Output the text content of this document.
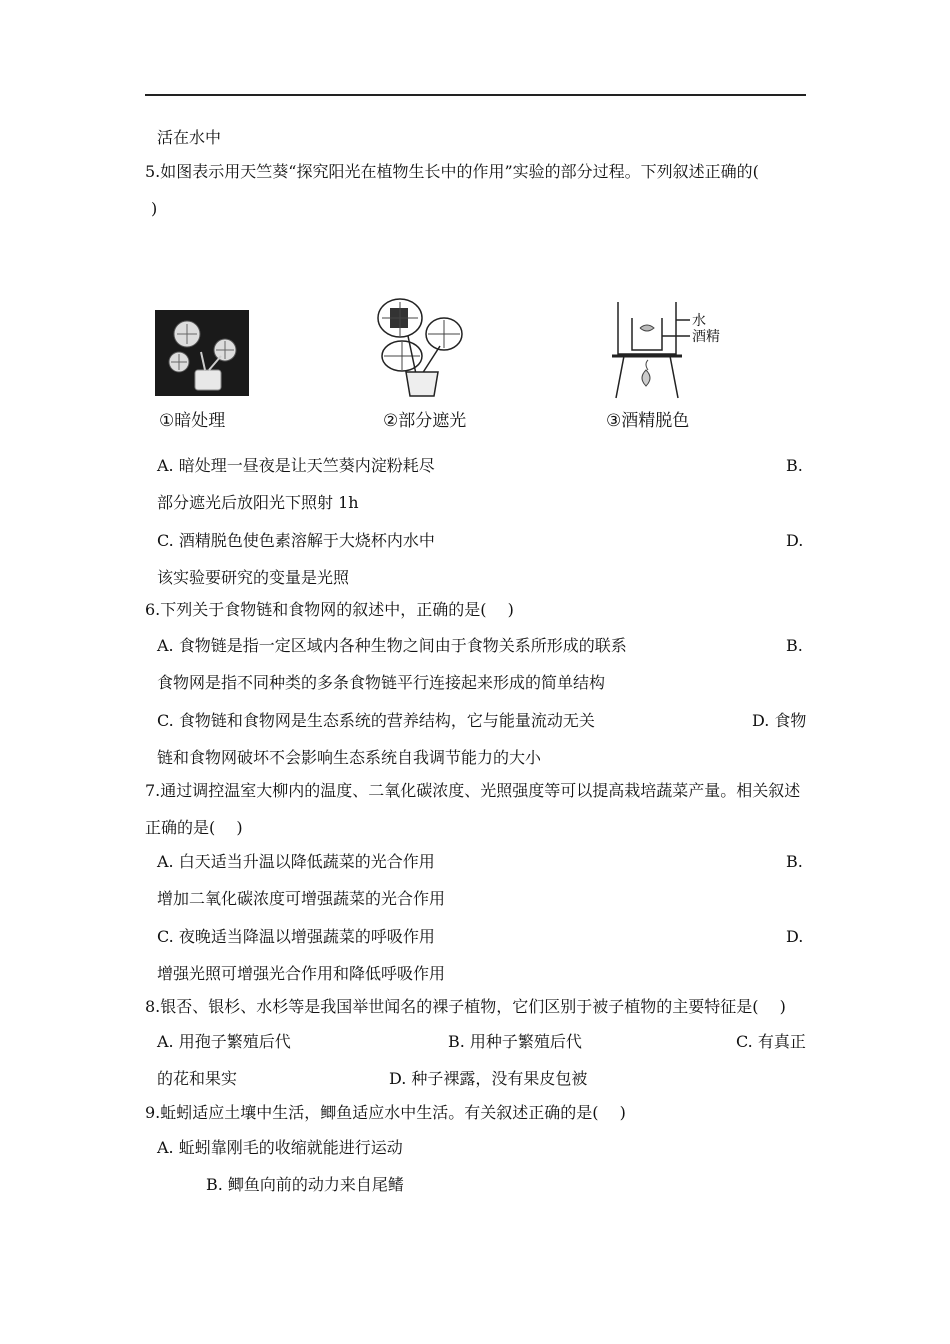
活在水中
5.如图表示用天竺葵“探究阳光在植物生长中的作用”实验的部分过程。下列叙述正确的(
)
①暗处理	②部分遮光
水
酒精
③酒精脱色
A. 暗处理一昼夜是让天竺葵内淀粉耗尽	B.
部分遮光后放阳光下照射 1h
C. 酒精脱色使色素溶解于大烧杯内水中	D.
该实验要研究的变量是光照
6.下列关于食物链和食物网的叙述中，正确的是(　 )
A. 食物链是指一定区域内各种生物之间由于食物关系所形成的联系	B.
食物网是指不同种类的多条食物链平行连接起来形成的简单结构
C. 食物链和食物网是生态系统的营养结构，它与能量流动无关	D. 食物
链和食物网破坏不会影响生态系统自我调节能力的大小
7.通过调控温室大柳内的温度、二氧化碳浓度、光照强度等可以提高栽培蔬菜产量。相关叙述
正确的是(　 )
A. 白天适当升温以降低蔬菜的光合作用	B.
增加二氧化碳浓度可增强蔬菜的光合作用
C. 夜晚适当降温以增强蔬菜的呼吸作用	D.
增强光照可增强光合作用和降低呼吸作用
8.银否、银杉、水杉等是我国举世闻名的裸子植物，它们区别于被子植物的主要特征是(　 )
A. 用孢子繁殖后代	B. 用种子繁殖后代	C. 有真正
的花和果实	D. 种子裸露，没有果皮包被
9.蚯蚓适应土壤中生活，鲫鱼适应水中生活。有关叙述正确的是(　 )
A. 蚯蚓靠刚毛的收缩就能进行运动
B. 鲫鱼向前的动力来自尾鳍
